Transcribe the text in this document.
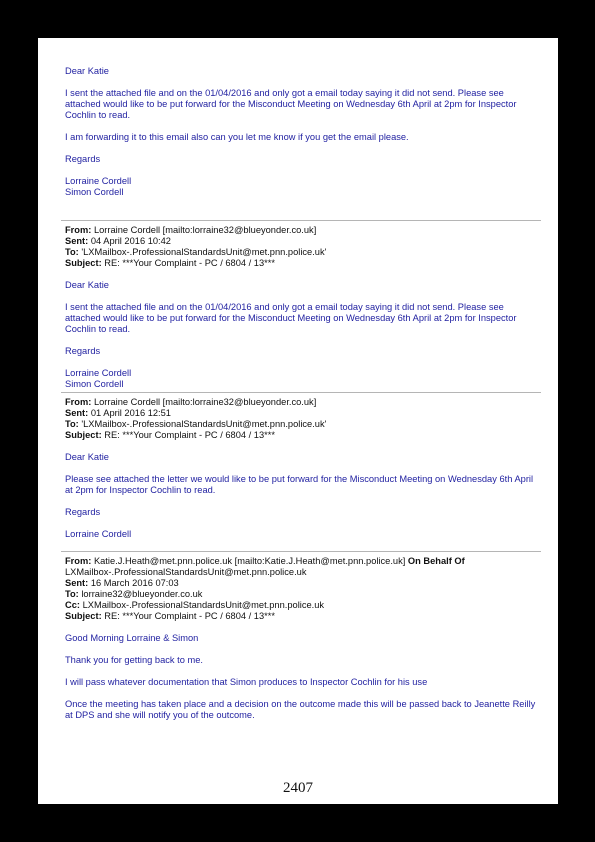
Dear Katie

I sent the attached file and on the 01/04/2016 and only got a email today saying it did not send. Please see attached would like to be put forward for the Misconduct Meeting on Wednesday 6th April at 2pm for Inspector Cochlin to read.

I am forwarding it to this email also can you let me know if you get the email please.

Regards

Lorraine Cordell

Simon Cordell

From: Lorraine Cordell [mailto:lorraine32@blueyonder.co.uk]

Sent: 04 April 2016 10:42

To: 'LXMailbox-.ProfessionalStandardsUnit@met.pnn.police.uk'

Subject: RE: ***Your Complaint - PC / 6804 / 13***

Dear Katie

I sent the attached file and on the 01/04/2016 and only got a email today saying it did not send. Please see attached would like to be put forward for the Misconduct Meeting on Wednesday 6th April at 2pm for Inspector Cochlin to read.

Regards

Lorraine Cordell

Simon Cordell

From: Lorraine Cordell [mailto:lorraine32@blueyonder.co.uk]

Sent: 01 April 2016 12:51

To: 'LXMailbox-.ProfessionalStandardsUnit@met.pnn.police.uk'

Subject: RE: ***Your Complaint - PC / 6804 / 13***

Dear Katie

Please see attached the letter we would like to be put forward for the Misconduct Meeting on Wednesday 6th April at 2pm for Inspector Cochlin to read.

Regards

Lorraine Cordell

From: Katie.J.Heath@met.pnn.police.uk [mailto:Katie.J.Heath@met.pnn.police.uk] On Behalf Of

LXMailbox-.ProfessionalStandardsUnit@met.pnn.police.uk

Sent: 16 March 2016 07:03

To: lorraine32@blueyonder.co.uk

Cc: LXMailbox-.ProfessionalStandardsUnit@met.pnn.police.uk

Subject: RE: ***Your Complaint - PC / 6804 / 13***

Good Morning Lorraine & Simon

Thank you for getting back to me.

I will pass whatever documentation that Simon produces to Inspector Cochlin for his use

Once the meeting has taken place and a decision on the outcome made this will be passed back to Jeanette Reilly at DPS and she will notify you of the outcome.

2407
